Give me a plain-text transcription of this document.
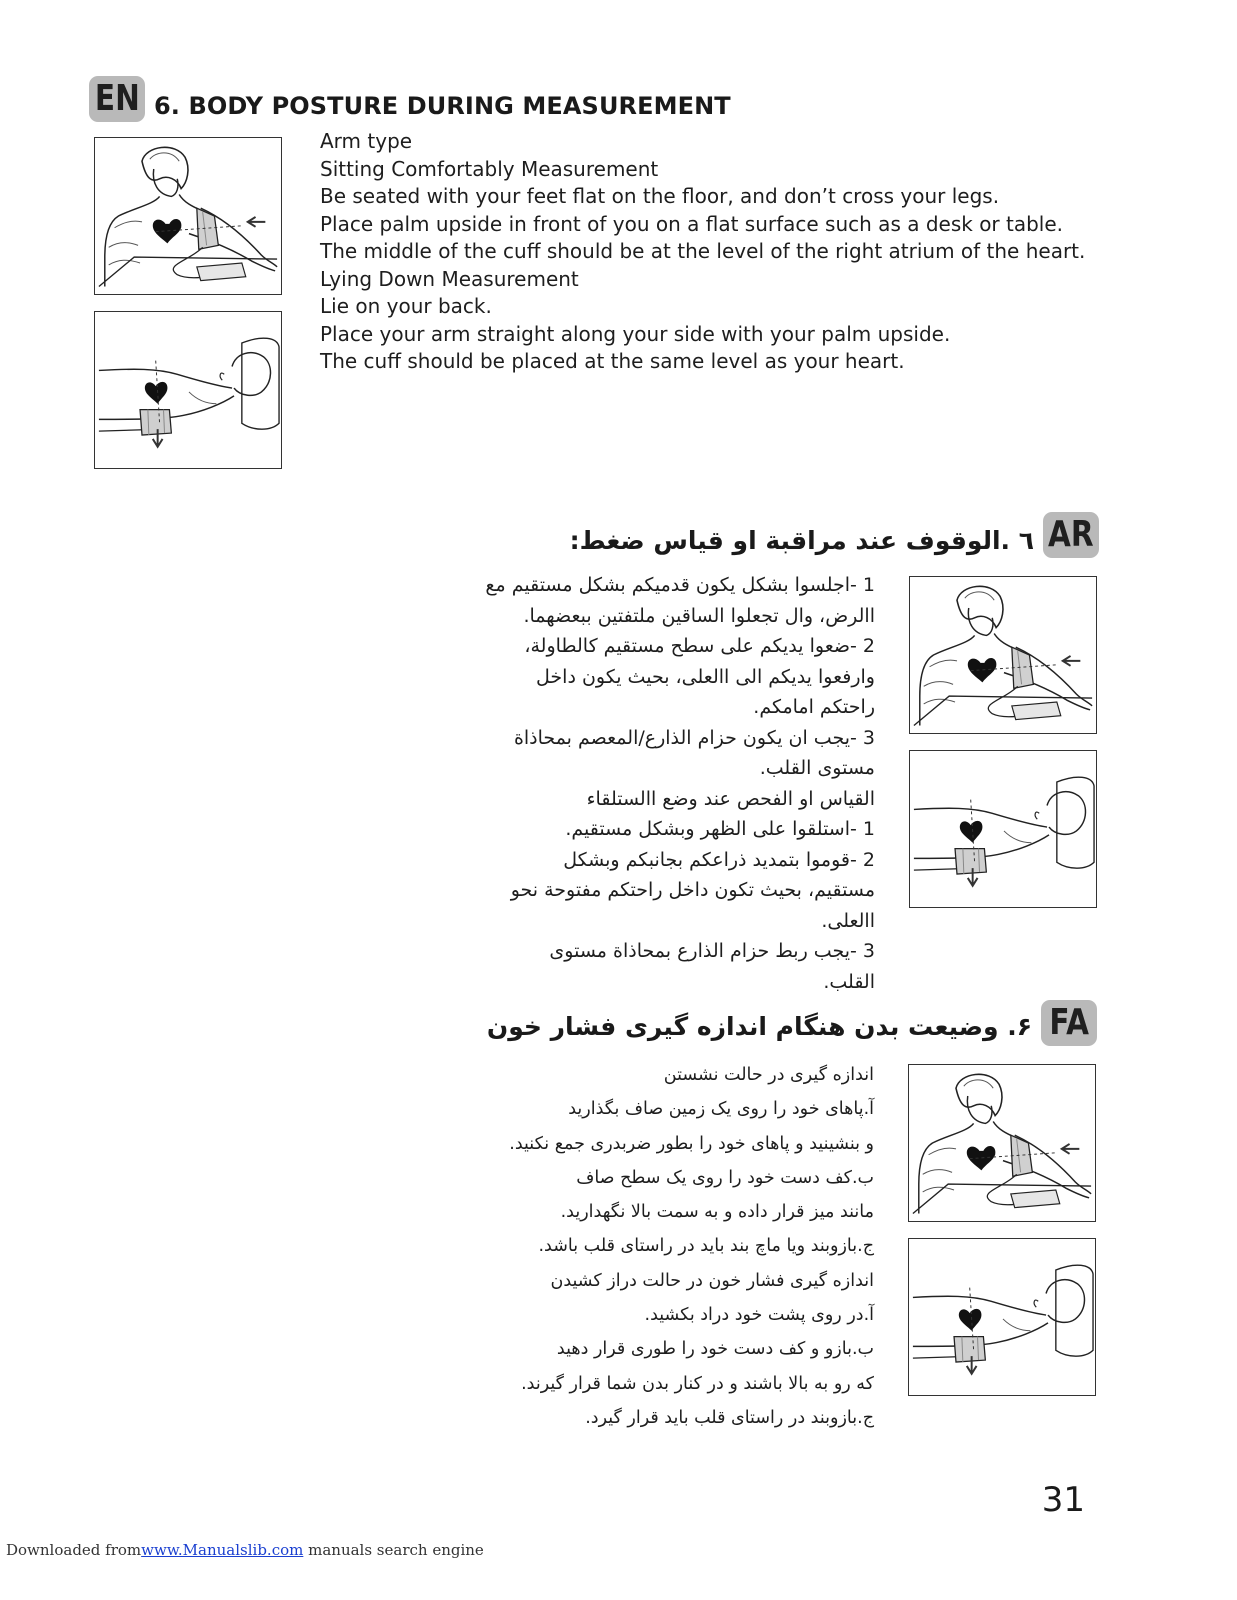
EN 6. BODY POSTURE DURING MEASUREMENT
Arm type
Sitting Comfortably Measurement
Be seated with your feet flat on the floor, and don’t cross your legs.
Place palm upside in front of you on a flat surface such as a desk or table.
The middle of the cuff should be at the level of the right atrium of the heart.
Lying Down Measurement
Lie on your back.
Place your arm straight along your side with your palm upside.
The cuff should be placed at the same level as your heart.
AR
٦ .الوقوف عند مراقبة او قياس ضغط:
1 -اجلسوا بشكل يكون قدميكم بشكل مستقيم مع
االرض، وال تجعلوا الساقين ملتفتين ببعضهما.
2 -ضعوا يديكم على سطح مستقيم كالطاولة،
وارفعوا يديكم الى االعلى، بحيث يكون داخل
راحتكم امامكم.
3 -يجب ان يكون حزام الذارع/المعصم بمحاذاة
مستوى القلب.
القياس او الفحص عند وضع االستلقاء
1 -استلقوا على الظهر وبشكل مستقيم.
2 -قوموا بتمديد ذراعكم بجانبكم وبشكل
مستقيم، بحيث تكون داخل راحتكم مفتوحة نحو
االعلى.
3 -يجب ربط حزام الذارع بمحاذاة مستوى
القلب.
FA
۶. وضیعت بدن هنگام اندازه گیری فشار خون
اندازه گیری در حالت نشستن
آ.پاهای خود را روی یک زمین صاف بگذارید
و بنشینید و پاهای خود را بطور ضربدری جمع نکنید.
ب.کف دست خود را روی یک سطح صاف
مانند میز قرار داده و به سمت بالا نگهدارید.
ج.بازوبند ویا ماچ بند باید در راستای قلب باشد.
اندازه گیری فشار خون در حالت دراز کشیدن
آ.در روی پشت خود دراد بکشید.
ب.بازو و کف دست خود را طوری قرار دهید
که رو به بالا باشند و در کنار بدن شما قرار گیرند.
ج.بازوبند در راستای قلب باید قرار گیرد.
31
Downloaded fromwww.Manualslib.com manuals search engine
